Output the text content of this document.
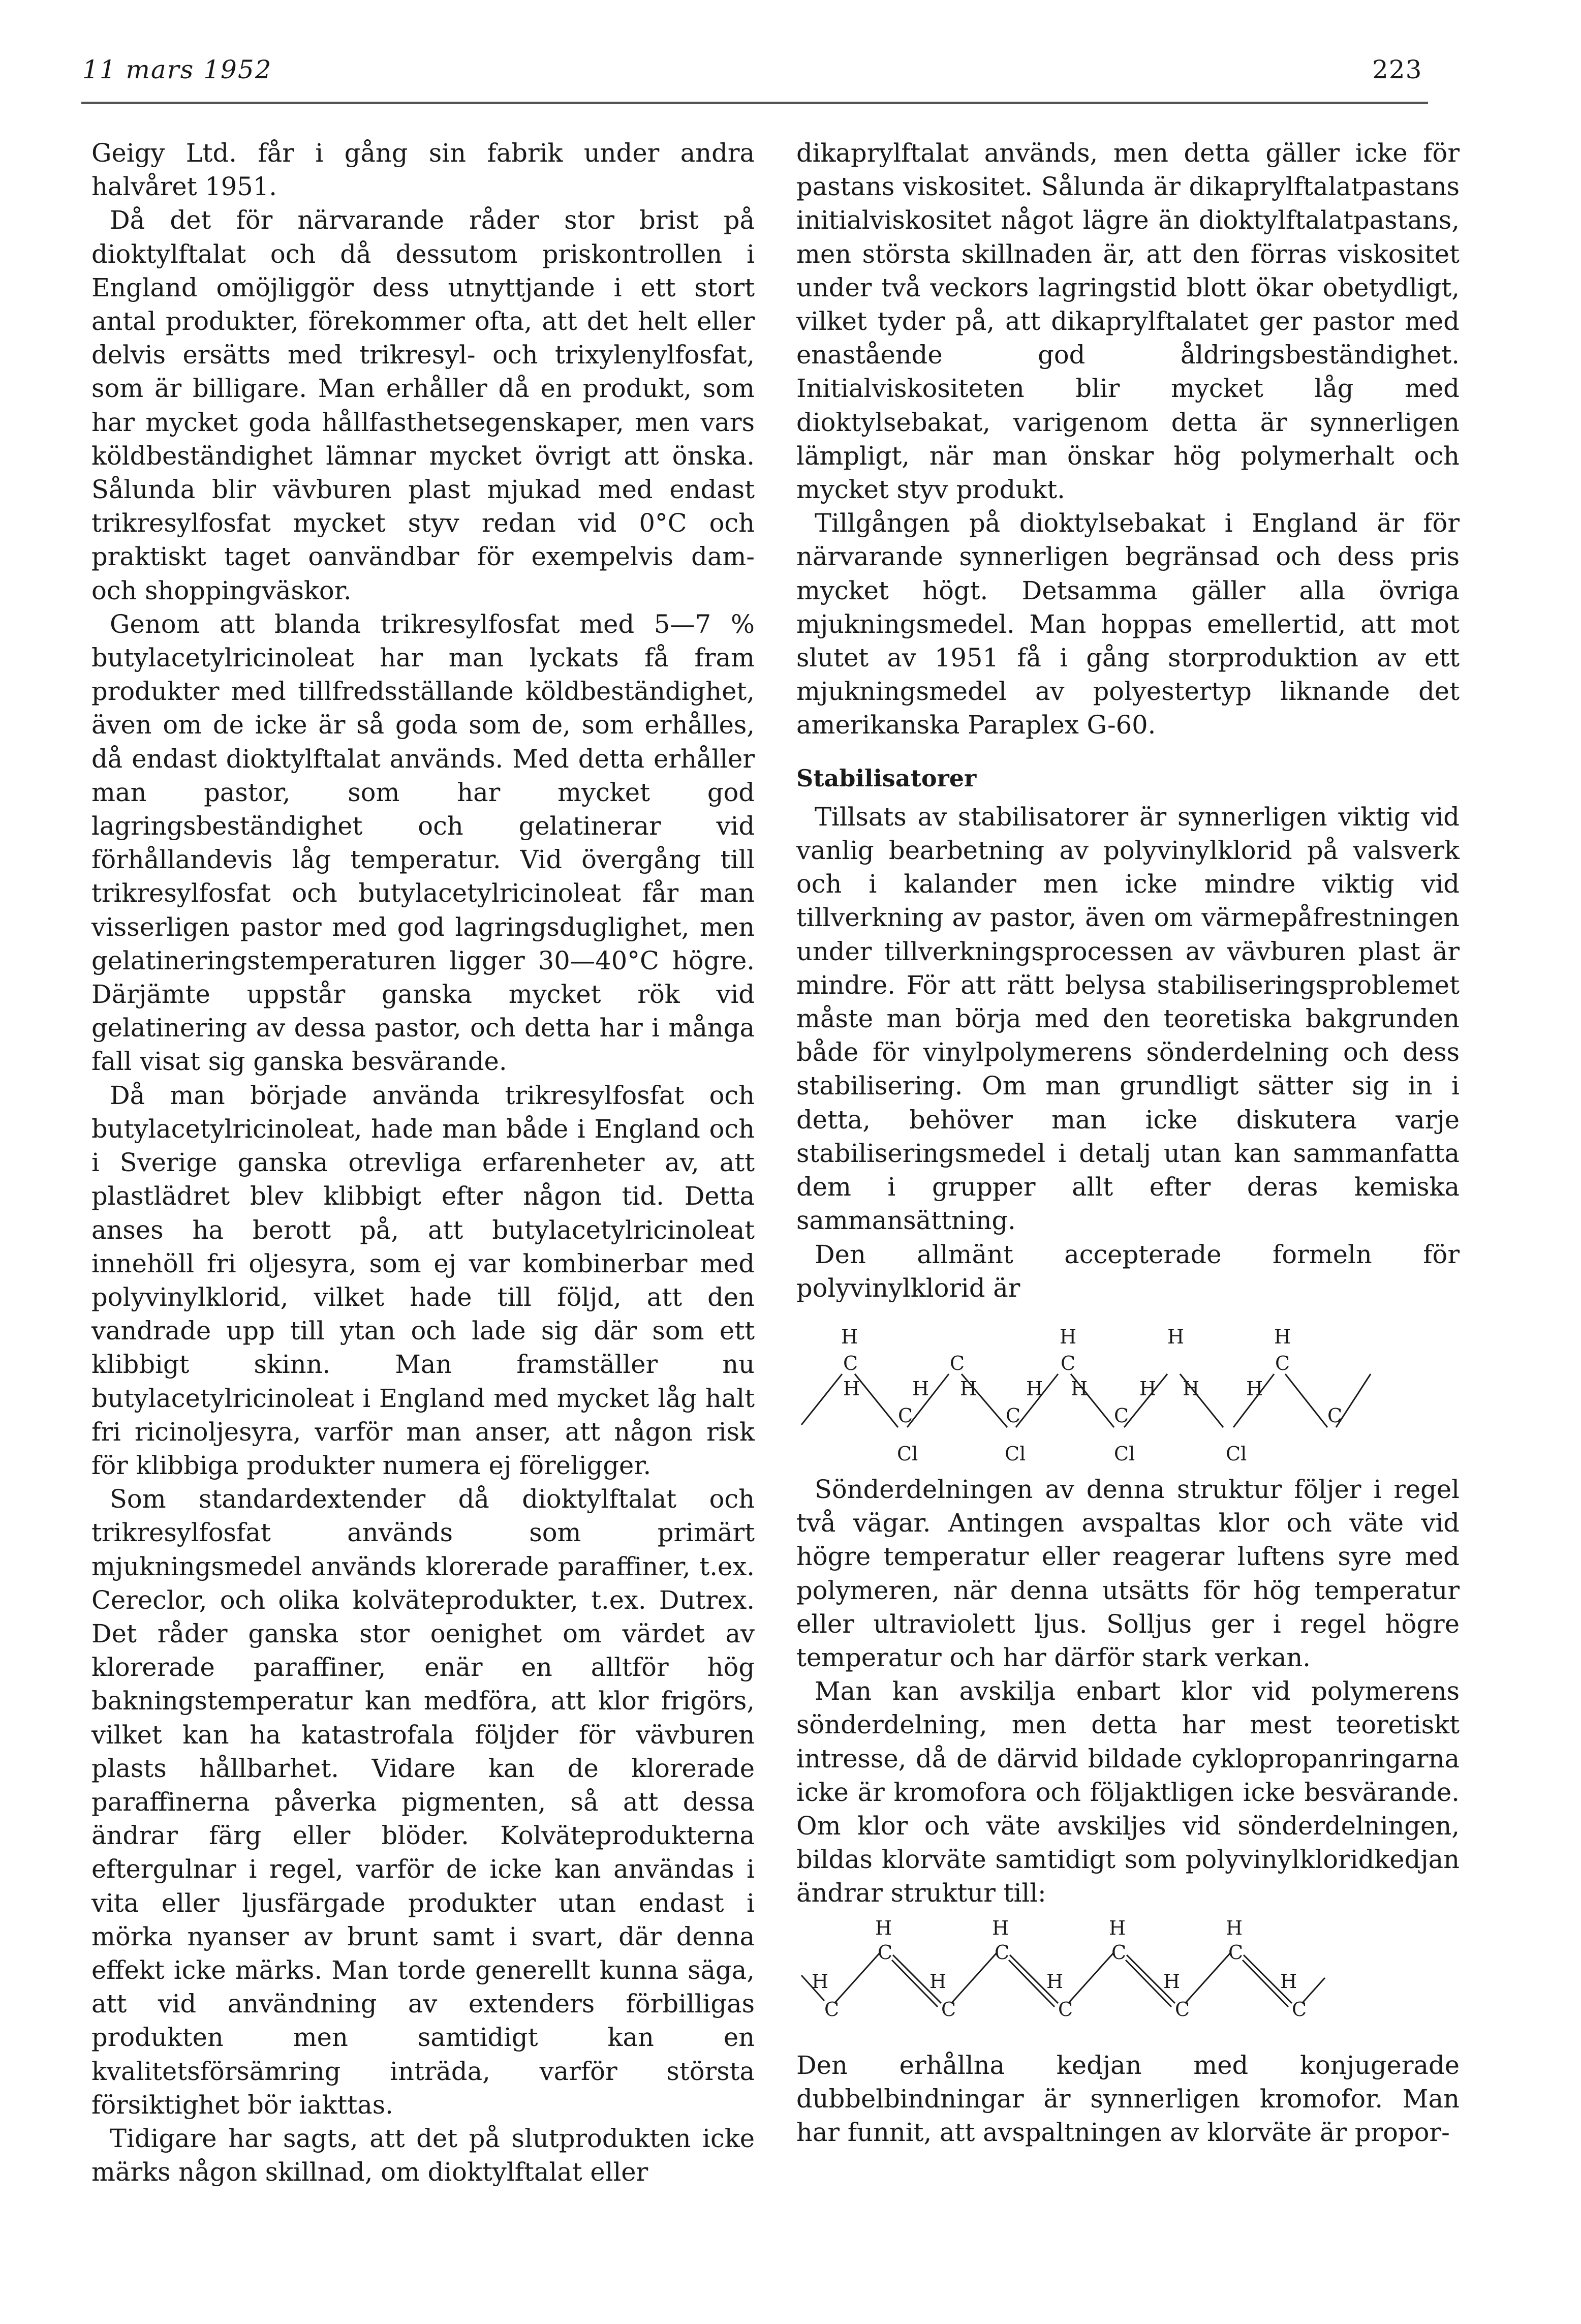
11 mars 1952	223

Geigy Ltd. får i gång sin fabrik under andra halvåret 1951.

Då det för närvarande råder stor brist på dioktylftalat och då dessutom priskontrollen i England omöjliggör dess utnyttjande i ett stort antal produkter, förekommer ofta, att det helt eller delvis ersätts med trikresyl- och trixylenylfosfat, som är billigare. Man erhåller då en produkt, som har mycket goda hållfasthetsegenskaper, men vars köldbeständighet lämnar mycket övrigt att önska. Sålunda blir vävburen plast mjukad med endast trikresylfosfat mycket styv redan vid 0°C och praktiskt taget oanvändbar för exempelvis dam- och shoppingväskor.

Genom att blanda trikresylfosfat med 5—7 % butylacetylricinoleat har man lyckats få fram produkter med tillfredsställande köldbeständighet, även om de icke är så goda som de, som erhålles, då endast dioktylftalat används. Med detta erhåller man pastor, som har mycket god lagringsbeständighet och gelatinerar vid förhållandevis låg temperatur. Vid övergång till trikresylfosfat och butylacetylricinoleat får man visserligen pastor med god lagringsduglighet, men gelatineringstemperaturen ligger 30—40°C högre. Därjämte uppstår ganska mycket rök vid gelatinering av dessa pastor, och detta har i många fall visat sig ganska besvärande.

Då man började använda trikresylfosfat och butylacetylricinoleat, hade man både i England och i Sverige ganska otrevliga erfarenheter av, att plastlädret blev klibbigt efter någon tid. Detta anses ha berott på, att butylacetylricinoleat innehöll fri oljesyra, som ej var kombinerbar med polyvinylklorid, vilket hade till följd, att den vandrade upp till ytan och lade sig där som ett klibbigt skinn. Man framställer nu butylacetylricinoleat i England med mycket låg halt fri ricinoljesyra, varför man anser, att någon risk för klibbiga produkter numera ej föreligger.

Som standardextender då dioktylftalat och trikresylfosfat används som primärt mjukningsmedel används klorerade paraffiner, t.ex. Cereclor, och olika kolväteprodukter, t.ex. Dutrex. Det råder ganska stor oenighet om värdet av klorerade paraffiner, enär en alltför hög bakningstemperatur kan medföra, att klor frigörs, vilket kan ha katastrofala följder för vävburen plasts hållbarhet. Vidare kan de klorerade paraffinerna påverka pigmenten, så att dessa ändrar färg eller blöder. Kolväteprodukterna eftergulnar i regel, varför de icke kan användas i vita eller ljusfärgade produkter utan endast i mörka nyanser av brunt samt i svart, där denna effekt icke märks. Man torde generellt kunna säga, att vid användning av extenders förbilligas produkten men samtidigt kan en kvalitetsförsämring inträda, varför största försiktighet bör iakttas.

Tidigare har sagts, att det på slutprodukten icke märks någon skillnad, om dioktylftalat eller

dikaprylftalat används, men detta gäller icke för pastans viskositet. Sålunda är dikaprylftalatpastans initialviskositet något lägre än dioktylftalatpastans, men största skillnaden är, att den förras viskositet under två veckors lagringstid blott ökar obetydligt, vilket tyder på, att dikaprylftalatet ger pastor med enastående god åldringsbeständighet. Initialviskositeten blir mycket låg med dioktylsebakat, varigenom detta är synnerligen lämpligt, när man önskar hög polymerhalt och mycket styv produkt.

Tillgången på dioktylsebakat i England är för närvarande synnerligen begränsad och dess pris mycket högt. Detsamma gäller alla övriga mjukningsmedel. Man hoppas emellertid, att mot slutet av 1951 få i gång storproduktion av ett mjukningsmedel av polyestertyp liknande det amerikanska Paraplex G-60.

Stabilisatorer

Tillsats av stabilisatorer är synnerligen viktig vid vanlig bearbetning av polyvinylklorid på valsverk och i kalander men icke mindre viktig vid tillverkning av pastor, även om värmepåfrestningen under tillverkningsprocessen av vävburen plast är mindre. För att rätt belysa stabiliseringsproblemet måste man börja med den teoretiska bakgrunden både för vinylpolymerens sönderdelning och dess stabilisering. Om man grundligt sätter sig in i detta, behöver man icke diskutera varje stabiliseringsmedel i detalj utan kan sammanfatta dem i grupper allt efter deras kemiska sammansättning.

Den allmänt accepterade formeln för polyvinylklorid är

H	H	H	H
C	C	C	C
H	H H	H H	H H H
C	C	C	C
Cl	Cl	Cl	Cl

Sönderdelningen av denna struktur följer i regel två vägar. Antingen avspaltas klor och väte vid högre temperatur eller reagerar luftens syre med polymeren, när denna utsätts för hög temperatur eller ultraviolett ljus. Solljus ger i regel högre temperatur och har därför stark verkan.

Man kan avskilja enbart klor vid polymerens sönderdelning, men detta har mest teoretiskt intresse, då de därvid bildade cyklopropanringarna icke är kromofora och följaktligen icke besvärande. Om klor och väte avskiljes vid sönderdelningen, bildas klorväte samtidigt som polyvinylkloridkedjan ändrar struktur till:

H	H	H	H
C	C	C	C
H	H	H	H	H
C	C	C	C	C

Den erhållna kedjan med konjugerade dubbelbindningar är synnerligen kromofor. Man har funnit, att avspaltningen av klorväte är propor-
